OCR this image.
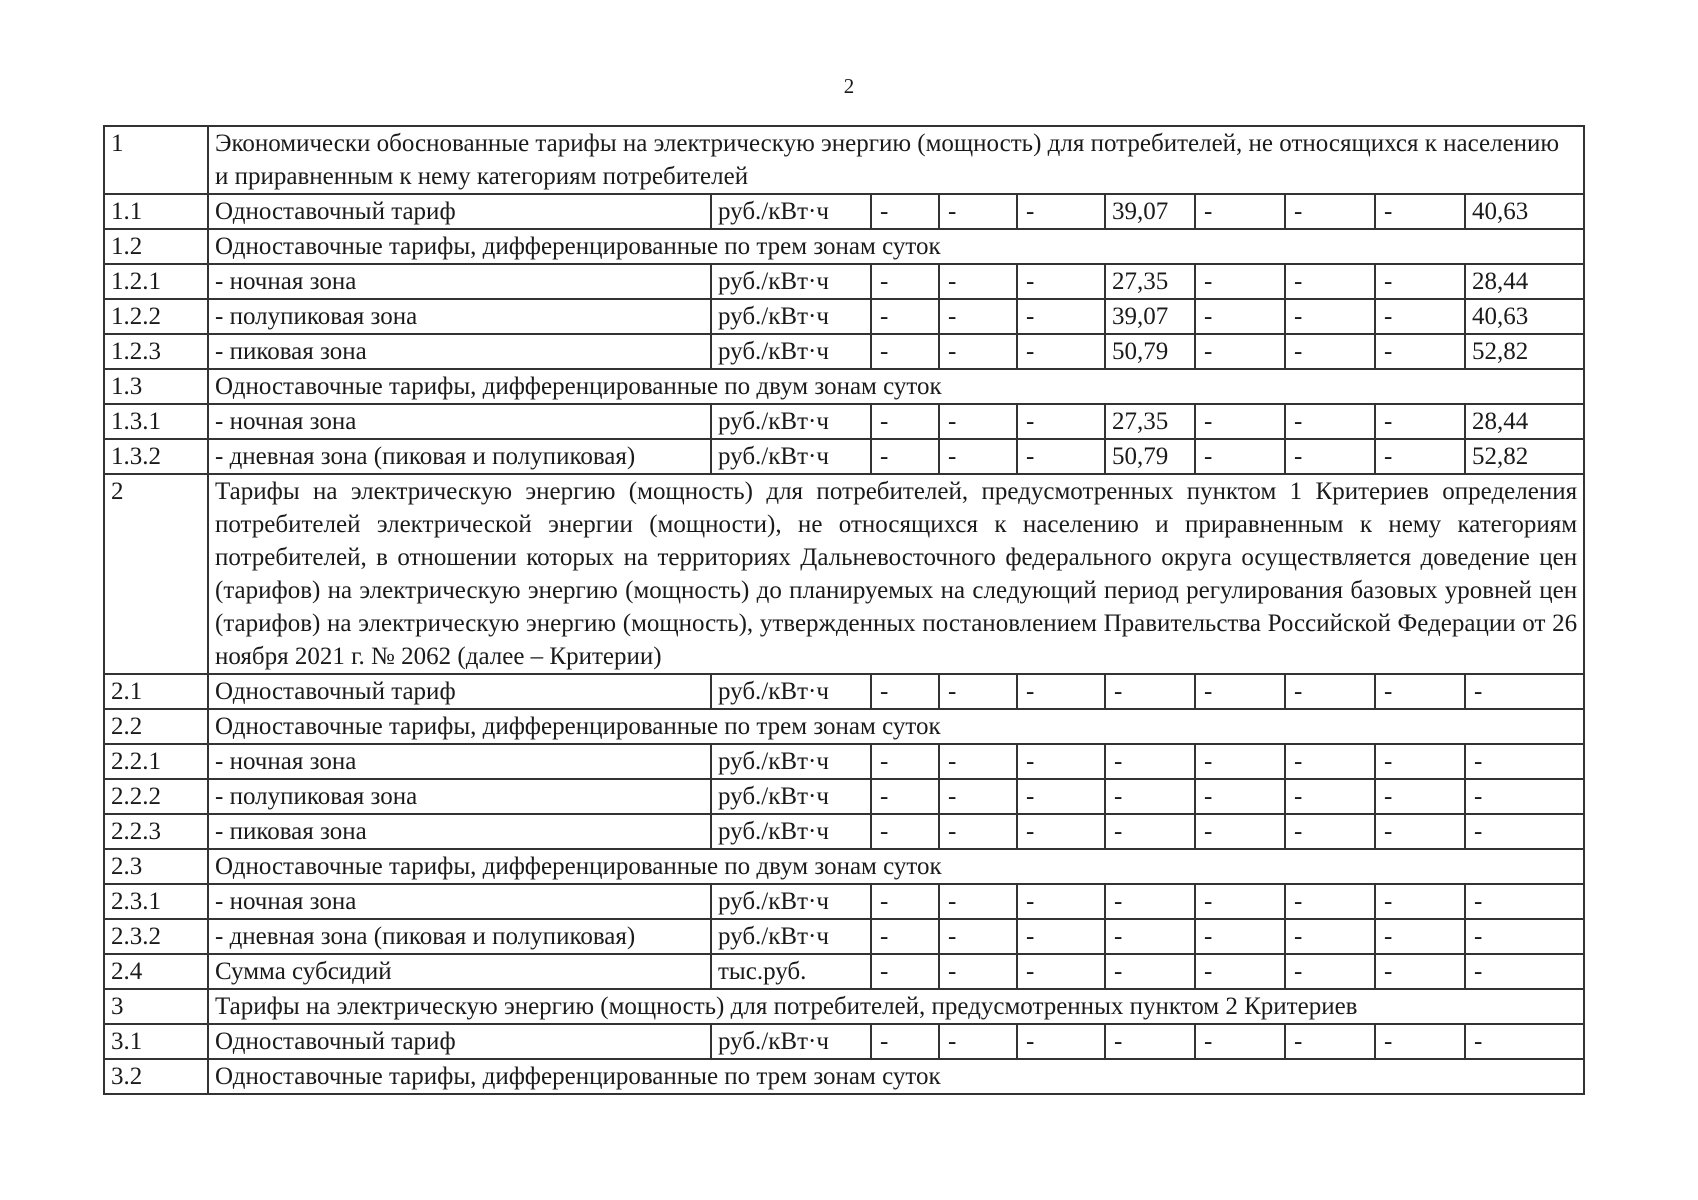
2
1	Экономически обоснованные тарифы на электрическую энергию (мощность) для потребителей, не относящихся к населению и приравненным к нему категориям потребителей									
1.1	Одноставочный тариф	руб./кВт·ч	-	-	-	39,07	-	-	-	40,63
1.2	Одноставочные тарифы, дифференцированные по трем зонам суток									
1.2.1	- ночная зона	руб./кВт·ч	-	-	-	27,35	-	-	-	28,44
1.2.2	- полупиковая зона	руб./кВт·ч	-	-	-	39,07	-	-	-	40,63
1.2.3	- пиковая зона	руб./кВт·ч	-	-	-	50,79	-	-	-	52,82
1.3	Одноставочные тарифы, дифференцированные по двум зонам суток									
1.3.1	- ночная зона	руб./кВт·ч	-	-	-	27,35	-	-	-	28,44
1.3.2	- дневная зона (пиковая и полупиковая)	руб./кВт·ч	-	-	-	50,79	-	-	-	52,82
2	Тарифы на электрическую энергию (мощность) для потребителей, предусмотренных пунктом 1 Критериев определения потребителей электрической энергии (мощности), не относящихся к населению и приравненным к нему категориям потребителей, в отношении которых на территориях Дальневосточного федерального округа осуществляется доведение цен (тарифов) на электрическую энергию (мощность) до планируемых на следующий период регулирования базовых уровней цен (тарифов) на электрическую энергию (мощность), утвержденных постановлением Правительства Российской Федерации от 26 ноября 2021 г. № 2062 (далее – Критерии)									
2.1	Одноставочный тариф	руб./кВт·ч	-	-	-	-	-	-	-	-
2.2	Одноставочные тарифы, дифференцированные по трем зонам суток									
2.2.1	- ночная зона	руб./кВт·ч	-	-	-	-	-	-	-	-
2.2.2	- полупиковая зона	руб./кВт·ч	-	-	-	-	-	-	-	-
2.2.3	- пиковая зона	руб./кВт·ч	-	-	-	-	-	-	-	-
2.3	Одноставочные тарифы, дифференцированные по двум зонам суток									
2.3.1	- ночная зона	руб./кВт·ч	-	-	-	-	-	-	-	-
2.3.2	- дневная зона (пиковая и полупиковая)	руб./кВт·ч	-	-	-	-	-	-	-	-
2.4	Сумма субсидий	тыс.руб.	-	-	-	-	-	-	-	-
3	Тарифы на электрическую энергию (мощность) для потребителей, предусмотренных пунктом 2 Критериев									
3.1	Одноставочный тариф	руб./кВт·ч	-	-	-	-	-	-	-	-
3.2	Одноставочные тарифы, дифференцированные по трем зонам суток									
